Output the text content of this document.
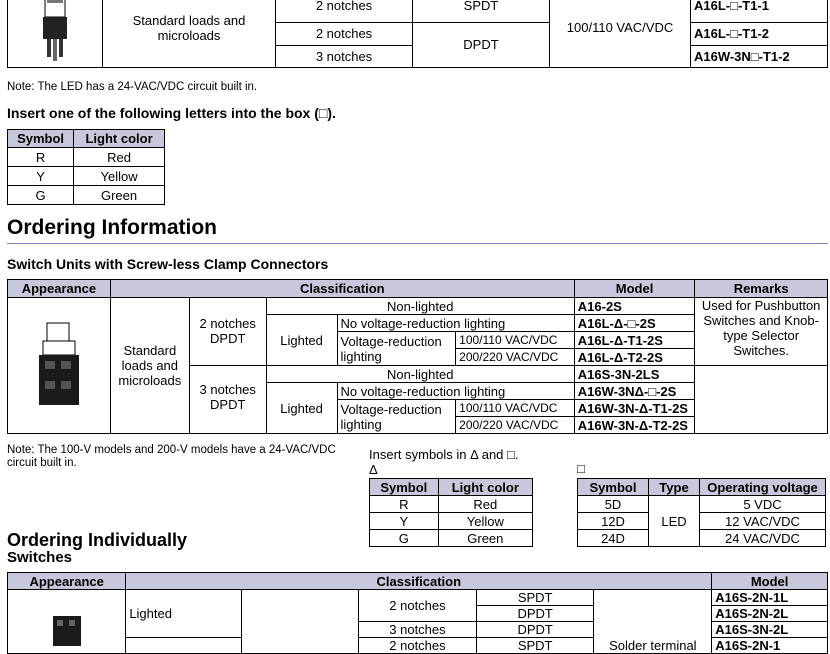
	Standard loads and microloads	2 notches	SPDT	100/110 VAC/VDC	A16L-□-T1-1
		2 notches	DPDT		A16L-□-T1-2
		3 notches			A16W-3N□-T1-2
Note: The LED has a 24-VAC/VDC circuit built in.
Insert one of the following letters into the box (□).
Symbol	Light color
R	Red
Y	Yellow
G	Green
Ordering Information
Switch Units with Screw-less Clamp Connectors
Appearance	Classification					Model	Remarks
	Standard loads and microloads	2 notches DPDT	Non-lighted			A16-2S	Used for Pushbutton Switches and Knob-type Selector Switches.
			Lighted	No voltage-reduction lighting		A16L-Δ-□-2S	
				Voltage-reduction lighting	100/110 VAC/VDC	A16L-Δ-T1-2S	
					200/220 VAC/VDC	A16L-Δ-T2-2S	
		3 notches DPDT	Non-lighted			A16S-3N-2LS	
			Lighted	No voltage-reduction lighting		A16W-3NΔ-□-2S	
				Voltage-reduction lighting	100/110 VAC/VDC	A16W-3N-Δ-T1-2S	
					200/220 VAC/VDC	A16W-3N-Δ-T2-2S	
Note: The 100-V models and 200-V models have a 24-VAC/VDC circuit built in.
Insert symbols in Δ and □.
Δ	□
Symbol	Light color
R	Red
Y	Yellow
G	Green
Symbol	Type	Operating voltage
5D	LED	5 VDC
12D		12 VAC/VDC
24D		24 VAC/VDC
Ordering Individually
Switches
Appearance	Classification					Model
	Lighted		2 notches	SPDT	Solder terminal	A16S-2N-1L
				DPDT		A16S-2N-2L
			3 notches	DPDT		A16S-3N-2L
			2 notches	SPDT		A16S-2N-1
